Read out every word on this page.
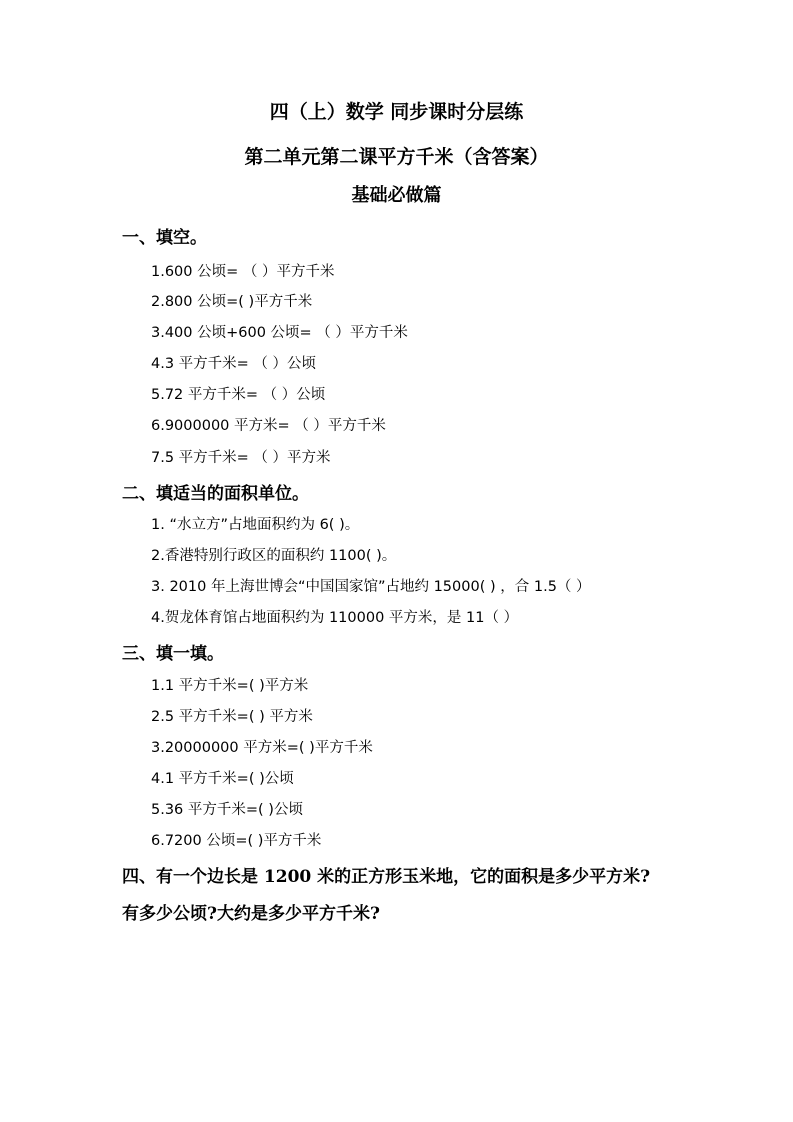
四（上）数学 同步课时分层练
第二单元第二课平方千米（含答案）
基础必做篇
一、填空。
1.600 公顷= （ ）平方千米
2.800 公顷=( )平方千米
3.400 公顷+600 公顷= （ ）平方千米
4.3 平方千米= （ ）公顷
5.72 平方千米= （ ）公顷
6.9000000 平方米= （ ）平方千米
7.5 平方千米= （ ）平方米
二、填适当的面积单位。
1. “水立方”占地面积约为 6( )。
2.香港特别行政区的面积约 1100( )。
3. 2010 年上海世博会“中国国家馆”占地约 15000( ) ，合 1.5（ ）
4.贺龙体育馆占地面积约为 110000 平方米，是 11（ ）
三、填一填。
1.1 平方千米=( )平方米
2.5 平方千米=( ) 平方米
3.20000000 平方米=( )平方千米
4.1 平方千米=( )公顷
5.36 平方千米=( )公顷
6.7200 公顷=( )平方千米
四、有一个边长是 1200 米的正方形玉米地，它的面积是多少平方米?
有多少公顷?大约是多少平方千米?
